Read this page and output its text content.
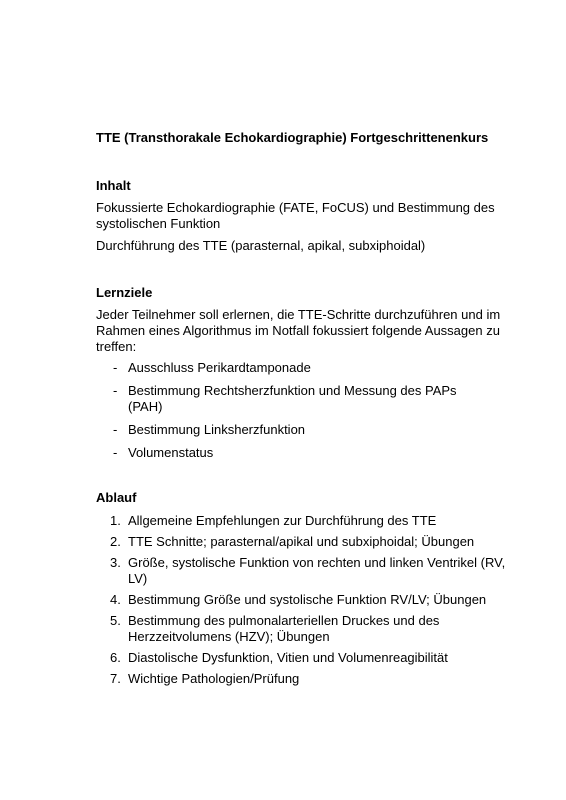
TTE (Transthorakale Echokardiographie) Fortgeschrittenenkurs
Inhalt
Fokussierte Echokardiographie (FATE, FoCUS) und Bestimmung des systolischen Funktion
Durchführung des TTE (parasternal, apikal, subxiphoidal)
Lernziele
Jeder Teilnehmer soll erlernen, die TTE-Schritte durchzuführen und im Rahmen eines Algorithmus im Notfall fokussiert folgende Aussagen zu treffen:
- Ausschluss Perikardtamponade
- Bestimmung Rechtsherzfunktion und Messung des PAPs (PAH)
- Bestimmung Linksherzfunktion
- Volumenstatus
Ablauf
1. Allgemeine Empfehlungen zur Durchführung des TTE
2. TTE Schnitte; parasternal/apikal und subxiphoidal; Übungen
3. Größe, systolische Funktion von rechten und linken Ventrikel (RV, LV)
4. Bestimmung Größe und systolische Funktion RV/LV; Übungen
5. Bestimmung des pulmonalarteriellen Druckes und des Herzzeitvolumens (HZV); Übungen
6. Diastolische Dysfunktion, Vitien und Volumenreagibilität
7. Wichtige Pathologien/Prüfung
